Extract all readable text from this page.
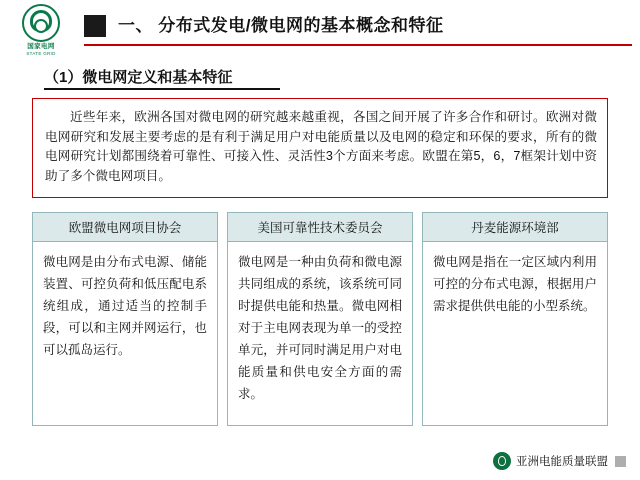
国家电网
STATE GRID
一、 分布式发电/微电网的基本概念和特征
（1）微电网定义和基本特征
近些年来，欧洲各国对微电网的研究越来越重视，各国之间开展了许多合作和研讨。欧洲对微电网研究和发展主要考虑的是有利于满足用户对电能质量以及电网的稳定和环保的要求，所有的微电网研究计划都围绕着可靠性、可接入性、灵活性3个方面来考虑。欧盟在第5，6，7框架计划中资助了多个微电网项目。
欧盟微电网项目协会
微电网是由分布式电源、储能装置、可控负荷和低压配电系统组成，通过适当的控制手段，可以和主网并网运行，也可以孤岛运行。
美国可靠性技术委员会
微电网是一种由负荷和微电源共同组成的系统，该系统可同时提供电能和热量。微电网相对于主电网表现为单一的受控单元，并可同时满足用户对电能质量和供电安全方面的需求。
丹麦能源环境部
微电网是指在一定区域内利用可控的分布式电源，根据用户需求提供供电能的小型系统。
亚洲电能质量联盟
